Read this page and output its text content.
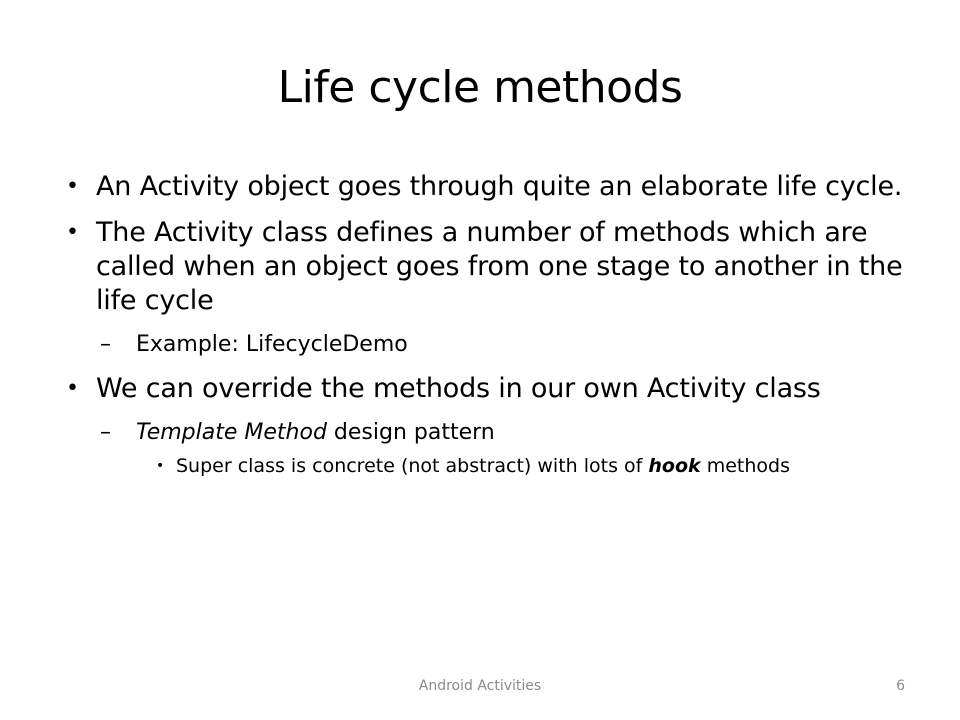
Life cycle methods
• An Activity object goes through quite an elaborate life cycle.
• The Activity class defines a number of methods which are called when an object goes from one stage to another in the life cycle
– Example: LifecycleDemo
• We can override the methods in our own Activity class
– Template Method design pattern
• Super class is concrete (not abstract) with lots of hook methods
Android Activities	6
